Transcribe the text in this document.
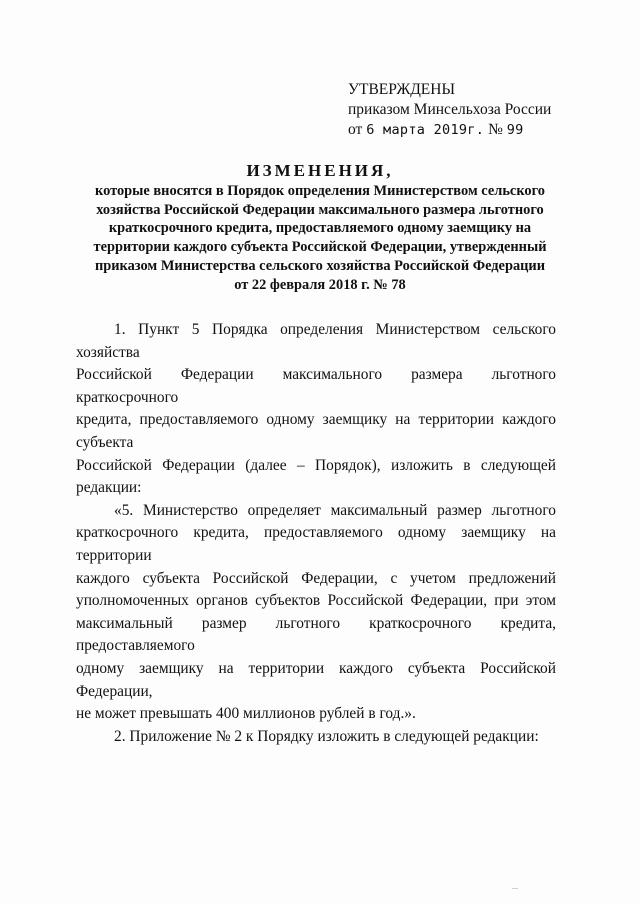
УТВЕРЖДЕНЫ
приказом Минсельхоза России
от 6 марта 2019г. № 99
ИЗМЕНЕНИЯ,
которые вносятся в Порядок определения Министерством сельского
хозяйства Российской Федерации максимального размера льготного
краткосрочного кредита, предоставляемого одному заемщику на
территории каждого субъекта Российской Федерации, утвержденный
приказом Министерства сельского хозяйства Российской Федерации
от 22 февраля 2018 г. № 78
1. Пункт 5 Порядка определения Министерством сельского хозяйства
Российской Федерации максимального размера льготного краткосрочного
кредита, предоставляемого одному заемщику на территории каждого субъекта
Российской Федерации (далее – Порядок), изложить в следующей редакции:
«5. Министерство определяет максимальный размер льготного
краткосрочного кредита, предоставляемого одному заемщику на территории
каждого субъекта Российской Федерации, с учетом предложений
уполномоченных органов субъектов Российской Федерации, при этом
максимальный размер льготного краткосрочного кредита, предоставляемого
одному заемщику на территории каждого субъекта Российской Федерации,
не может превышать 400 миллионов рублей в год.».
2. Приложение № 2 к Порядку изложить в следующей редакции:
